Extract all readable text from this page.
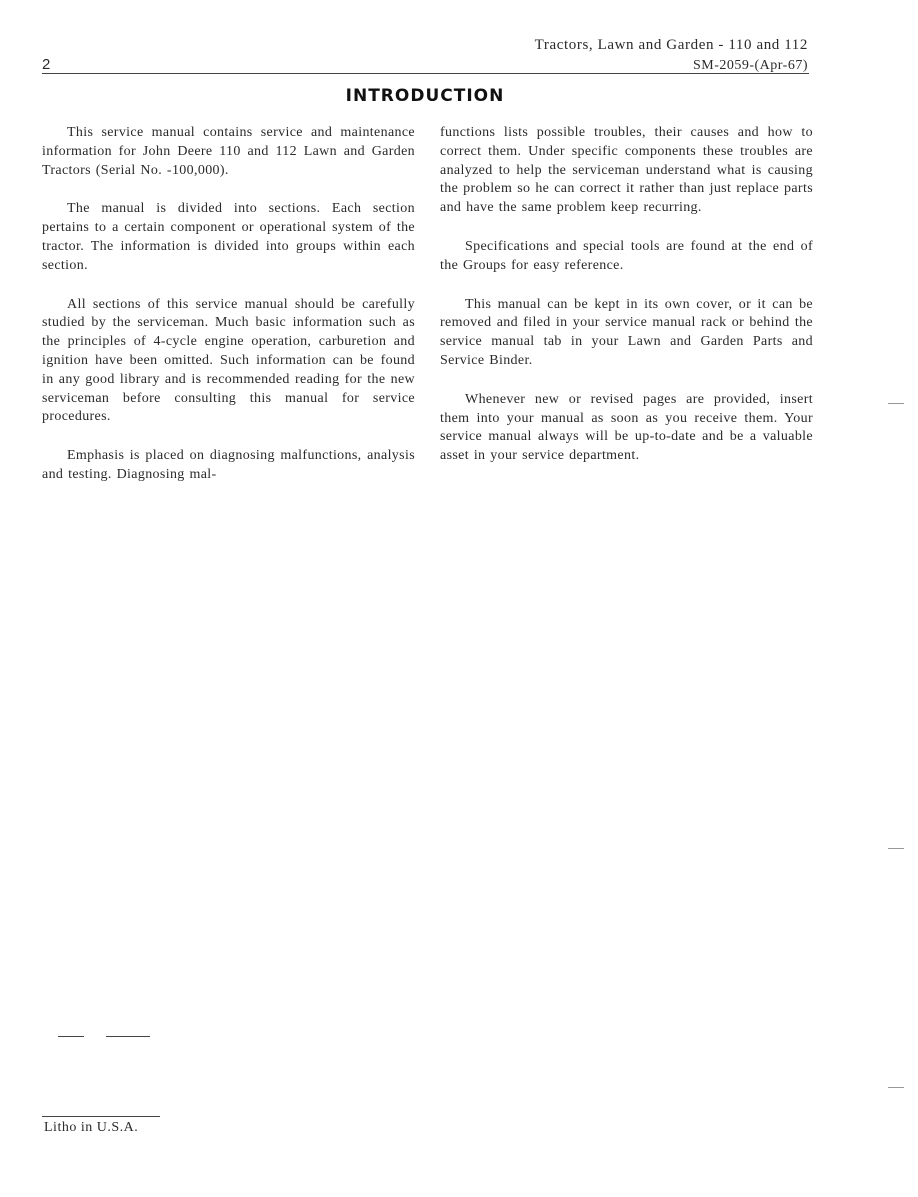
Tractors, Lawn and Garden - 110 and 112
2	SM-2059-(Apr-67)
INTRODUCTION

This service manual contains service and maintenance information for John Deere 110 and 112 Lawn and Garden Tractors (Serial No. -100,000).

The manual is divided into sections. Each section pertains to a certain component or operational system of the tractor. The information is divided into groups within each section.

All sections of this service manual should be carefully studied by the serviceman. Much basic information such as the principles of 4-cycle engine operation, carburetion and ignition have been omitted. Such information can be found in any good library and is recommended reading for the new serviceman before consulting this manual for service procedures.

Emphasis is placed on diagnosing malfunctions, analysis and testing. Diagnosing mal-

functions lists possible troubles, their causes and how to correct them. Under specific components these troubles are analyzed to help the serviceman understand what is causing the problem so he can correct it rather than just replace parts and have the same problem keep recurring.

Specifications and special tools are found at the end of the Groups for easy reference.

This manual can be kept in its own cover, or it can be removed and filed in your service manual rack or behind the service manual tab in your Lawn and Garden Parts and Service Binder.

Whenever new or revised pages are provided, insert them into your manual as soon as you receive them. Your service manual always will be up-to-date and be a valuable asset in your service department.

Litho in U.S.A.
